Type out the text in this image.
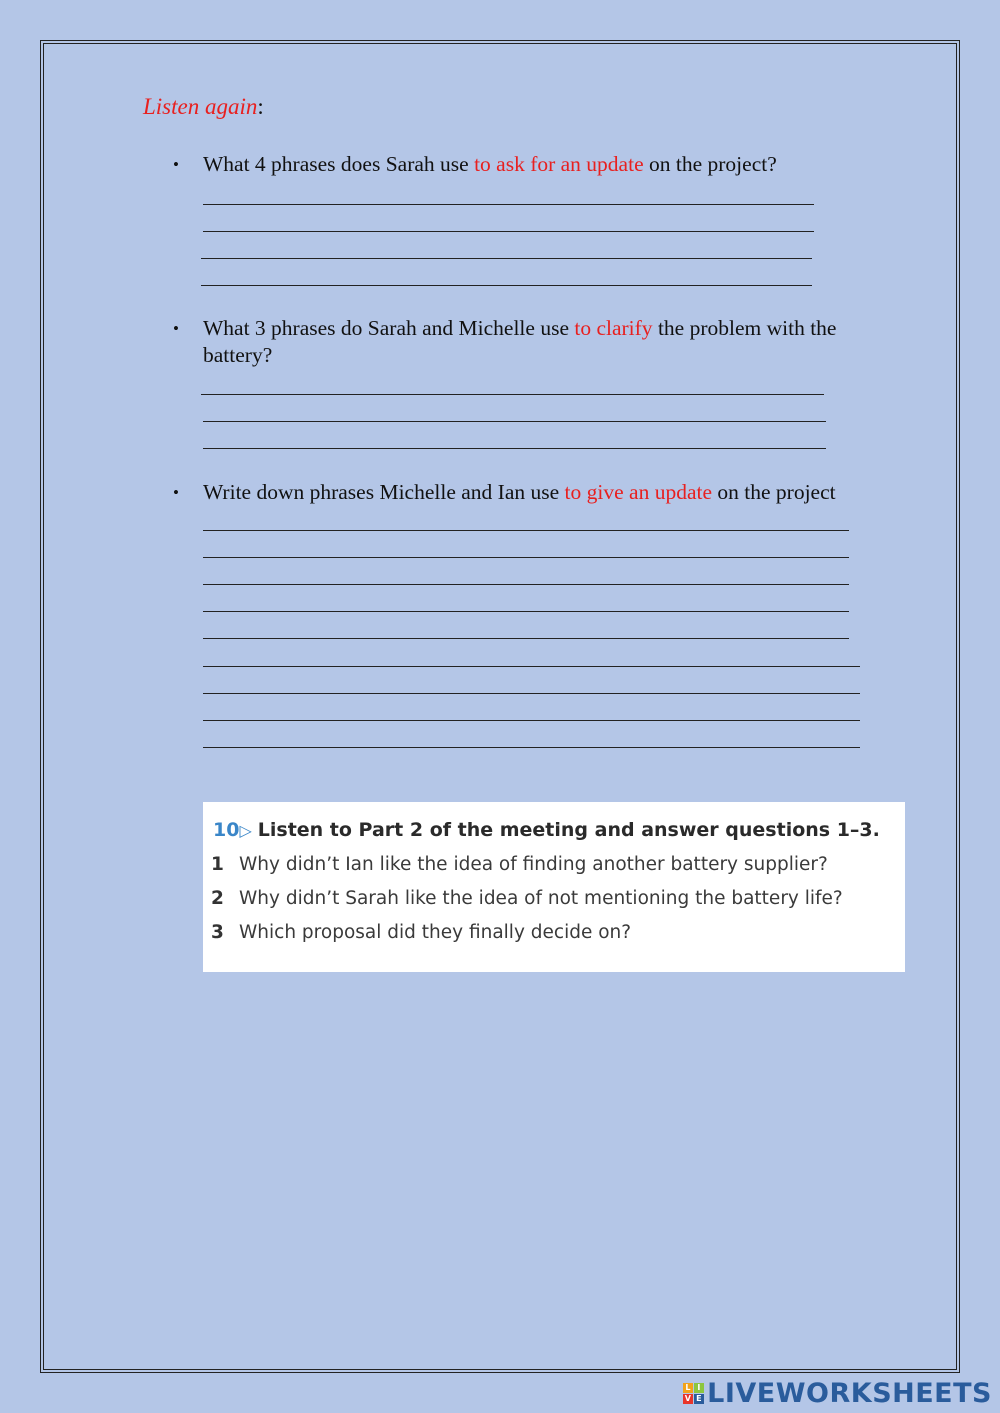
Listen again:
• What 4 phrases does Sarah use to ask for an update on the project?
• What 3 phrases do Sarah and Michelle use to clarify the problem with the battery?
• Write down phrases Michelle and Ian use to give an update on the project
10▷ Listen to Part 2 of the meeting and answer questions 1–3.
1 Why didn’t Ian like the idea of finding another battery supplier?
2 Why didn’t Sarah like the idea of not mentioning the battery life?
3 Which proposal did they finally decide on?
L I
V E LIVEWORKSHEETS
